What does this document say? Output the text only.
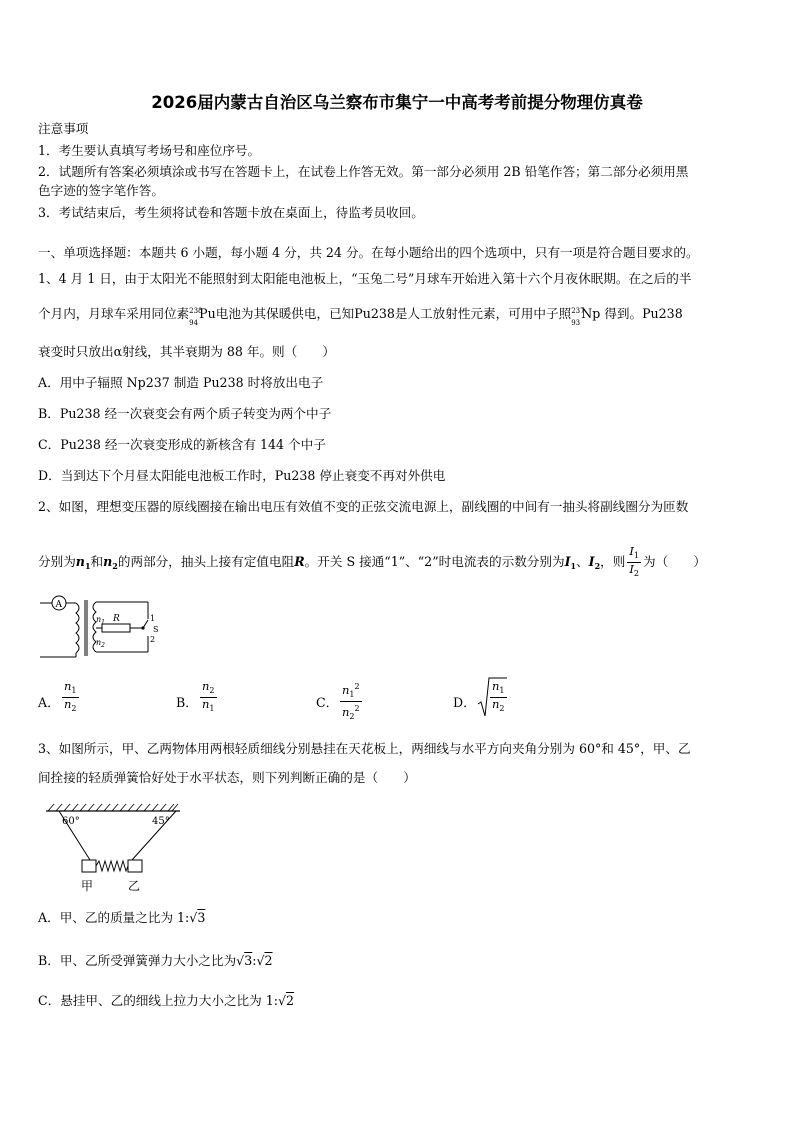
2026届内蒙古自治区乌兰察布市集宁一中高考考前提分物理仿真卷
注意事项
1．考生要认真填写考场号和座位序号。
2．试题所有答案必须填涂或书写在答题卡上，在试卷上作答无效。第一部分必须用 2B 铅笔作答；第二部分必须用黑
色字迹的签字笔作答。
3．考试结束后，考生须将试卷和答题卡放在桌面上，待监考员收回。
一、单项选择题：本题共 6 小题，每小题 4 分，共 24 分。在每小题给出的四个选项中，只有一项是符合题目要求的。
1、4 月 1 日，由于太阳光不能照射到太阳能电池板上，“玉兔二号”月球车开始进入第十六个月夜休眠期。在之后的半
个月内，月球车采用同位素 238
94
Pu电池为其保暖供电，已知Pu238是人工放射性元素，可用中子照 237
93
Np 得到。Pu238
衰变时只放出α射线，其半衰期为 88 年。则（　　）
A．用中子辐照 Np237 制造 Pu238 时将放出电子
B．Pu238 经一次衰变会有两个质子转变为两个中子
C．Pu238 经一次衰变形成的新核含有 144 个中子
D．当到达下个月昼太阳能电池板工作时，Pu238 停止衰变不再对外供电
2、如图，理想变压器的原线圈接在输出电压有效值不变的正弦交流电源上，副线圈的中间有一抽头将副线圈分为匝数
分别为$n_1$和$n_2$的两部分，抽头上接有定值电阻R。开关 S 接通“1”、“2”时电流表的示数分别为$I_1$、$I_2$，则 $\frac{I_1}{I_2}$ 为（　　）
A
$n_1$
$n_2$
R	1
S
2
A． $\frac{n_1}{n_2}$	B． $\frac{n_2}{n_1}$	C． $\frac{n_1^2}{n_2^2}$	D． $\frac{n_1}{n_2}$
3、如图所示，甲、乙两物体用两根轻质细线分别悬挂在天花板上，两细线与水平方向夹角分别为 60°和 45°，甲、乙
间拴接的轻质弹簧恰好处于水平状态，则下列判断正确的是（　　）
60°	45°
甲	乙
A．甲、乙的质量之比为 1:√3
B．甲、乙所受弹簧弹力大小之比为√3:√2
C．悬挂甲、乙的细线上拉力大小之比为 1:√2
